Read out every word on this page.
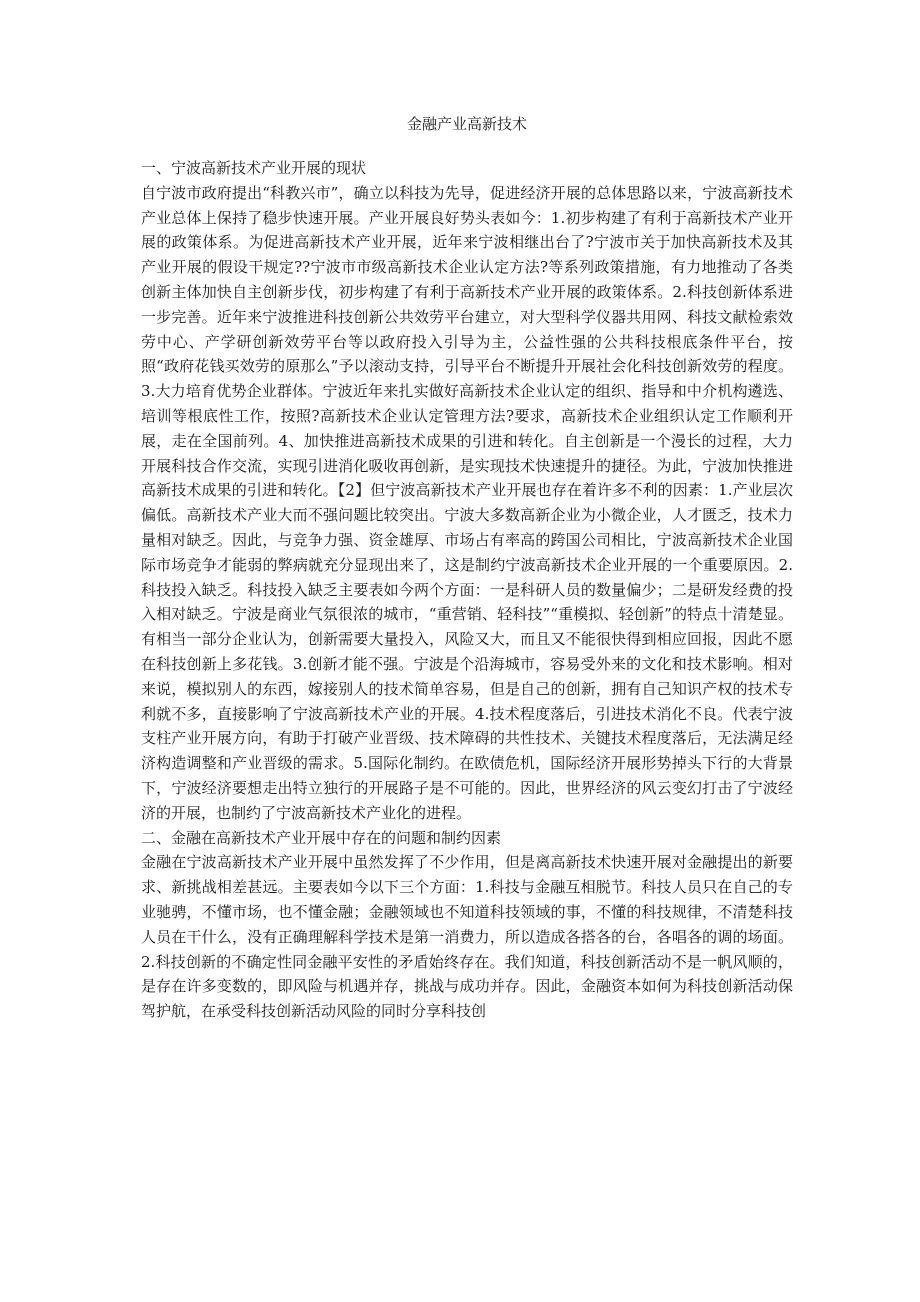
金融产业高新技术
一、宁波高新技术产业开展的现状

自宁波市政府提出“科教兴市”，确立以科技为先导，促进经济开展的总体思路以来，宁波高新技术产业总体上保持了稳步快速开展。产业开展良好势头表如今：1.初步构建了有利于高新技术产业开展的政策体系。为促进高新技术产业开展，近年来宁波相继出台了?宁波市关于加快高新技术及其产业开展的假设干规定??宁波市市级高新技术企业认定方法?等系列政策措施，有力地推动了各类创新主体加快自主创新步伐，初步构建了有利于高新技术产业开展的政策体系。2.科技创新体系进一步完善。近年来宁波推进科技创新公共效劳平台建立，对大型科学仪器共用网、科技文献检索效劳中心、产学研创新效劳平台等以政府投入引导为主，公益性强的公共科技根底条件平台，按照“政府花钱买效劳的原那么”予以滚动支持，引导平台不断提升开展社会化科技创新效劳的程度。3.大力培育优势企业群体。宁波近年来扎实做好高新技术企业认定的组织、指导和中介机构遴选、培训等根底性工作，按照?高新技术企业认定管理方法?要求，高新技术企业组织认定工作顺利开展，走在全国前列。4、加快推进高新技术成果的引进和转化。自主创新是一个漫长的过程，大力开展科技合作交流，实现引进消化吸收再创新，是实现技术快速提升的捷径。为此，宁波加快推进高新技术成果的引进和转化。【2】但宁波高新技术产业开展也存在着许多不利的因素：1.产业层次偏低。高新技术产业大而不强问题比较突出。宁波大多数高新企业为小微企业，人才匮乏，技术力量相对缺乏。因此，与竞争力强、资金雄厚、市场占有率高的跨国公司相比，宁波高新技术企业国际市场竞争才能弱的弊病就充分显现出来了，这是制约宁波高新技术企业开展的一个重要原因。2.科技投入缺乏。科技投入缺乏主要表如今两个方面：一是科研人员的数量偏少；二是研发经费的投入相对缺乏。宁波是商业气氛很浓的城市，“重营销、轻科技”“重模拟、轻创新”的特点十清楚显。有相当一部分企业认为，创新需要大量投入，风险又大，而且又不能很快得到相应回报，因此不愿在科技创新上多花钱。3.创新才能不强。宁波是个沿海城市，容易受外来的文化和技术影响。相对来说，模拟别人的东西，嫁接别人的技术简单容易，但是自己的创新，拥有自己知识产权的技术专利就不多，直接影响了宁波高新技术产业的开展。4.技术程度落后，引进技术消化不良。代表宁波支柱产业开展方向，有助于打破产业晋级、技术障碍的共性技术、关键技术程度落后，无法满足经济构造调整和产业晋级的需求。5.国际化制约。在欧债危机，国际经济开展形势掉头下行的大背景下，宁波经济要想走出特立独行的开展路子是不可能的。因此，世界经济的风云变幻打击了宁波经济的开展，也制约了宁波高新技术产业化的进程。

二、金融在高新技术产业开展中存在的问题和制约因素

金融在宁波高新技术产业开展中虽然发挥了不少作用，但是离高新技术快速开展对金融提出的新要求、新挑战相差甚远。主要表如今以下三个方面：1.科技与金融互相脱节。科技人员只在自己的专业驰骋，不懂市场，也不懂金融；金融领域也不知道科技领域的事，不懂的科技规律，不清楚科技人员在干什么，没有正确理解科学技术是第一消费力，所以造成各搭各的台，各唱各的调的场面。2.科技创新的不确定性同金融平安性的矛盾始终存在。我们知道，科技创新活动不是一帆风顺的，是存在许多变数的，即风险与机遇并存，挑战与成功并存。因此，金融资本如何为科技创新活动保驾护航，在承受科技创新活动风险的同时分享科技创
